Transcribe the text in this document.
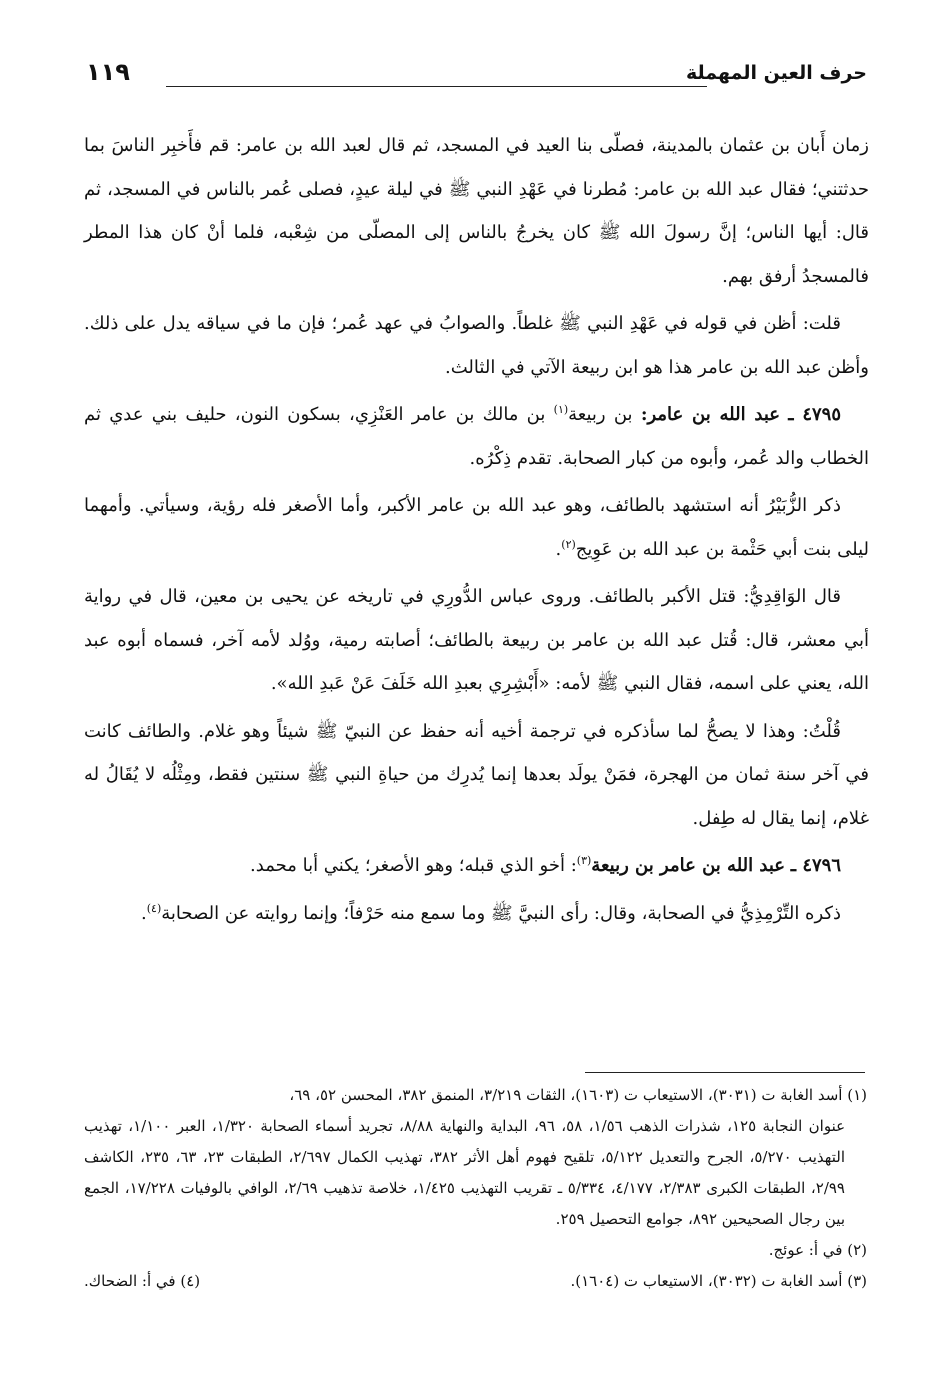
حرف العين المهملة
١١٩

زمان أَبان بن عثمان بالمدينة، فصلّى بنا العيد في المسجد، ثم قال لعبد الله بن عامر: قم فأَخبِر الناسَ بما حدثتني؛ فقال عبد الله بن عامر: مُطرنا في عَهْدِ النبي ﷺ في ليلة عيدٍ، فصلى عُمر بالناس في المسجد، ثم قال: أيها الناس؛ إنَّ رسولَ الله ﷺ كان يخرجُ بالناس إلى المصلّى من شِعْبه، فلما أنْ كان هذا المطر فالمسجدُ أرفق بهم.

قلت: أظن في قوله في عَهْدِ النبي ﷺ غلطاً. والصوابُ في عهد عُمر؛ فإن ما في سياقه يدل على ذلك. وأظن عبد الله بن عامر هذا هو ابن ربيعة الآتي في الثالث.

٤٧٩٥ ـ عبد الله بن عامر: بن ربيعة$^{(١)}$ بن مالك بن عامر العَنْزِي، بسكون النون، حليف بني عدي ثم الخطاب والد عُمر، وأبوه من كبار الصحابة. تقدم ذِكْرُه.

ذكر الزُّبَيْرُ أنه استشهد بالطائف، وهو عبد الله بن عامر الأكبر، وأما الأصغر فله رؤية، وسيأتي. وأمهما ليلى بنت أبي حَثْمة بن عبد الله بن عَوِيج$^{(٢)}$.

قال الوَاقِدِيُّ: قتل الأكبر بالطائف. وروى عباس الدُّورِي في تاريخه عن يحيى بن معين، قال في رواية أبي معشر، قال: قُتل عبد الله بن عامر بن ربيعة بالطائف؛ أصابته رمية، ووُلد لأمه آخر، فسماه أبوه عبد الله، يعني على اسمه، فقال النبي ﷺ لأمه: «أَبْشِرِي بعبدِ الله خَلَفَ عَنْ عَبدِ الله».

قُلْتُ: وهذا لا يصحُّ لما سأذكره في ترجمة أخيه أنه حفظ عن النبيّ ﷺ شيئاً وهو غلام. والطائف كانت في آخر سنة ثمان من الهجرة، فمَنْ يولَد بعدها إنما يُدرِك من حياةِ النبي ﷺ سنتين فقط، ومِثْلُه لا يُقَالُ له غلام، إنما يقال له طِفل.

٤٧٩٦ ـ عبد الله بن عامر بن ربيعة$^{(٣)}$: أخو الذي قبله؛ وهو الأصغر؛ يكني أبا محمد.

ذكره التِّرْمِذِيُّ في الصحابة، وقال: رأى النبيَّ ﷺ وما سمع منه حَرْفاً؛ وإنما روايته عن الصحابة$^{(٤)}$.

(١) أسد الغابة ت (٣٠٣١)، الاستيعاب ت (١٦٠٣)، الثقات ٣/٢١٩، المنمق ٣٨٢، المحسن ٥٢، ٦٩،

عنوان النجابة ١٢٥، شذرات الذهب ١/٥٦، ٥٨، ٩٦، البداية والنهاية ٨/٨٨، تجريد أسماء الصحابة ١/٣٢٠، العبر ١/١٠٠، تهذيب التهذيب ٥/٢٧٠، الجرح والتعديل ٥/١٢٢، تلقيح فهوم أهل الأثر ٣٨٢، تهذيب الكمال ٢/٦٩٧، الطبقات ٢٣، ٦٣، ٢٣٥، الكاشف ٢/٩٩، الطبقات الكبرى ٢/٣٨٣، ٤/١٧٧، ٥/٣٣٤ ـ تقريب التهذيب ١/٤٢٥، خلاصة تذهيب ٢/٦٩، الوافي بالوفيات ١٧/٢٢٨، الجمع بين رجال الصحيحين ٨٩٢، جوامع التحصيل ٢٥٩.

(٢) في أ: عوئج.

(٣) أسد الغابة ت (٣٠٣٢)، الاستيعاب ت (١٦٠٤).
(٤) في أ: الضحاك.
